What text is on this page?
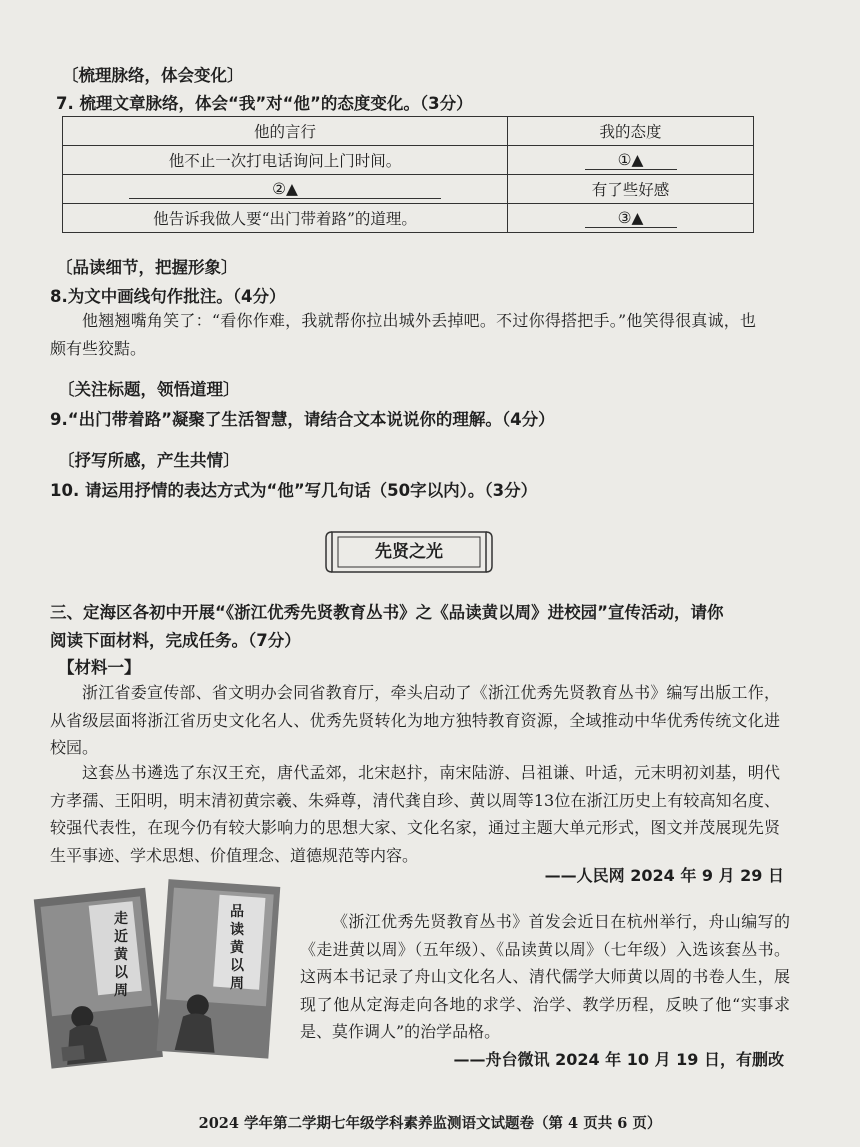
〔梳理脉络，体会变化〕
7. 梳理文章脉络，体会“我”对“他”的态度变化。（3分）
他的言行	我的态度
他不止一次打电话询问上门时间。	①▲
②▲	有了些好感
他告诉我做人要“出门带着路”的道理。	③▲
〔品读细节，把握形象〕
8.为文中画线句作批注。（4分）
他翘翘嘴角笑了：“看你作难，我就帮你拉出城外丢掉吧。不过你得搭把手。”他笑得很真诚，也颇有些狡黠。
〔关注标题，领悟道理〕
9.“出门带着路”凝聚了生活智慧，请结合文本说说你的理解。（4分）
〔抒写所感，产生共情〕
10. 请运用抒情的表达方式为“他”写几句话（50字以内）。（3分）
先贤之光
三、定海区各初中开展“《浙江优秀先贤教育丛书》之《品读黄以周》进校园”宣传活动，请你
阅读下面材料，完成任务。（7分）
【材料一】
浙江省委宣传部、省文明办会同省教育厅，牵头启动了《浙江优秀先贤教育丛书》编写出版工作，从省级层面将浙江省历史文化名人、优秀先贤转化为地方独特教育资源，全域推动中华优秀传统文化进校园。
这套丛书遴选了东汉王充，唐代孟郊，北宋赵抃，南宋陆游、吕祖谦、叶适，元末明初刘基，明代方孝孺、王阳明，明末清初黄宗羲、朱舜尊，清代龚自珍、黄以周等13位在浙江历史上有较高知名度、较强代表性，在现今仍有较大影响力的思想大家、文化名家，通过主题大单元形式，图文并茂展现先贤生平事迹、学术思想、价值理念、道德规范等内容。
——人民网 2024 年 9 月 29 日
走近黄以周
品读黄以周
《浙江优秀先贤教育丛书》首发会近日在杭州举行，舟山编写的《走进黄以周》（五年级）、《品读黄以周》（七年级）入选该套丛书。这两本书记录了舟山文化名人、清代儒学大师黄以周的书卷人生，展现了他从定海走向各地的求学、治学、教学历程，反映了他“实事求是、莫作调人”的治学品格。
——舟台微讯 2024 年 10 月 19 日，有删改
2024 学年第二学期七年级学科素养监测语文试题卷（第 4 页共 6 页）
